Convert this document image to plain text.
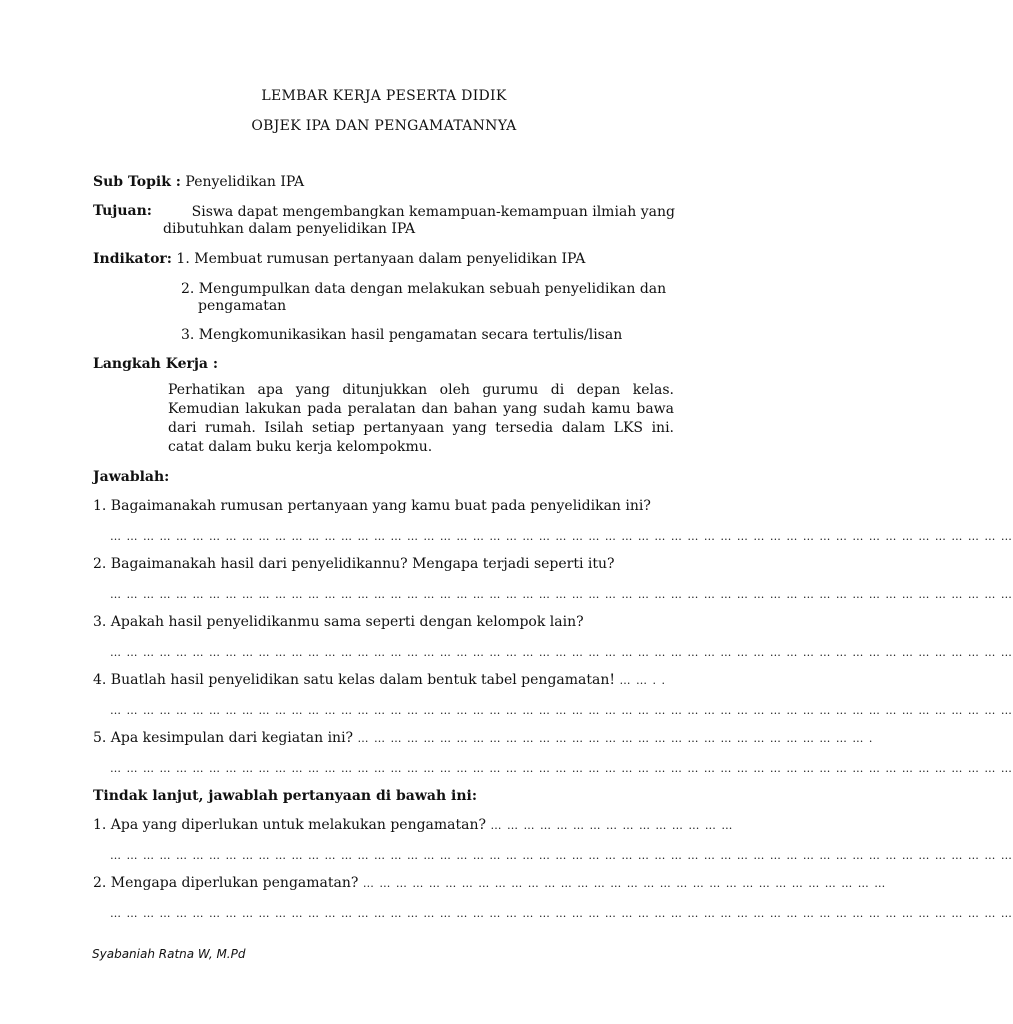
LEMBAR KERJA PESERTA DIDIK
OBJEK IPA DAN PENGAMATANNYA
Sub Topik : Penyelidikan IPA
Tujuan:	Siswa dapat mengembangkan kemampuan-kemampuan ilmiah yang
dibutuhkan dalam penyelidikan IPA
Indikator: 1. Membuat rumusan pertanyaan dalam penyelidikan IPA
2. Mengumpulkan data dengan melakukan sebuah penyelidikan dan
pengamatan
3. Mengkomunikasikan hasil pengamatan secara tertulis/lisan
Langkah Kerja :
Perhatikan apa yang ditunjukkan oleh gurumu di depan kelas. Kemudian lakukan pada peralatan dan bahan yang sudah kamu bawa dari rumah. Isilah setiap pertanyaan yang tersedia dalam LKS ini. catat dalam buku kerja kelompokmu.
Jawablah:
1. Bagaimanakah rumusan pertanyaan yang kamu buat pada penyelidikan ini?
… … … … … … … … … … … … … … … … … … … … … … … … … … … … … … … … … … … … … … … … … … … … … … … … … … … … … … …
2. Bagaimanakah hasil dari penyelidikannu? Mengapa terjadi seperti itu?
… … … … … … … … … … … … … … … … … … … … … … … … … … … … … … … … … … … … … … … … … … … … … … … … … … … … … … …
3. Apakah hasil penyelidikanmu sama seperti dengan kelompok lain?
… … … … … … … … … … … … … … … … … … … … … … … … … … … … … … … … … … … … … … … … … … … … … … … … … … … … … … …
4. Buatlah hasil penyelidikan satu kelas dalam bentuk tabel pengamatan! … … . .
… … … … … … … … … … … … … … … … … … … … … … … … … … … … … … … … … … … … … … … … … … … … … … … … … … … … … … …
5. Apa kesimpulan dari kegiatan ini? … … … … … … … … … … … … … … … … … … … … … … … … … … … … … … … .
… … … … … … … … … … … … … … … … … … … … … … … … … … … … … … … … … … … … … … … … … … … … … … … … … … … … … … …
Tindak lanjut, jawablah pertanyaan di bawah ini:
1. Apa yang diperlukan untuk melakukan pengamatan? … … … … … … … … … … … … … … …
… … … … … … … … … … … … … … … … … … … … … … … … … … … … … … … … … … … … … … … … … … … … … … … … … … … … … … …
2. Mengapa diperlukan pengamatan? … … … … … … … … … … … … … … … … … … … … … … … … … … … … … … … …
… … … … … … … … … … … … … … … … … … … … … … … … … … … … … … … … … … … … … … … … … … … … … … … … … … … … … … …
Syabaniah Ratna W, M.Pd
